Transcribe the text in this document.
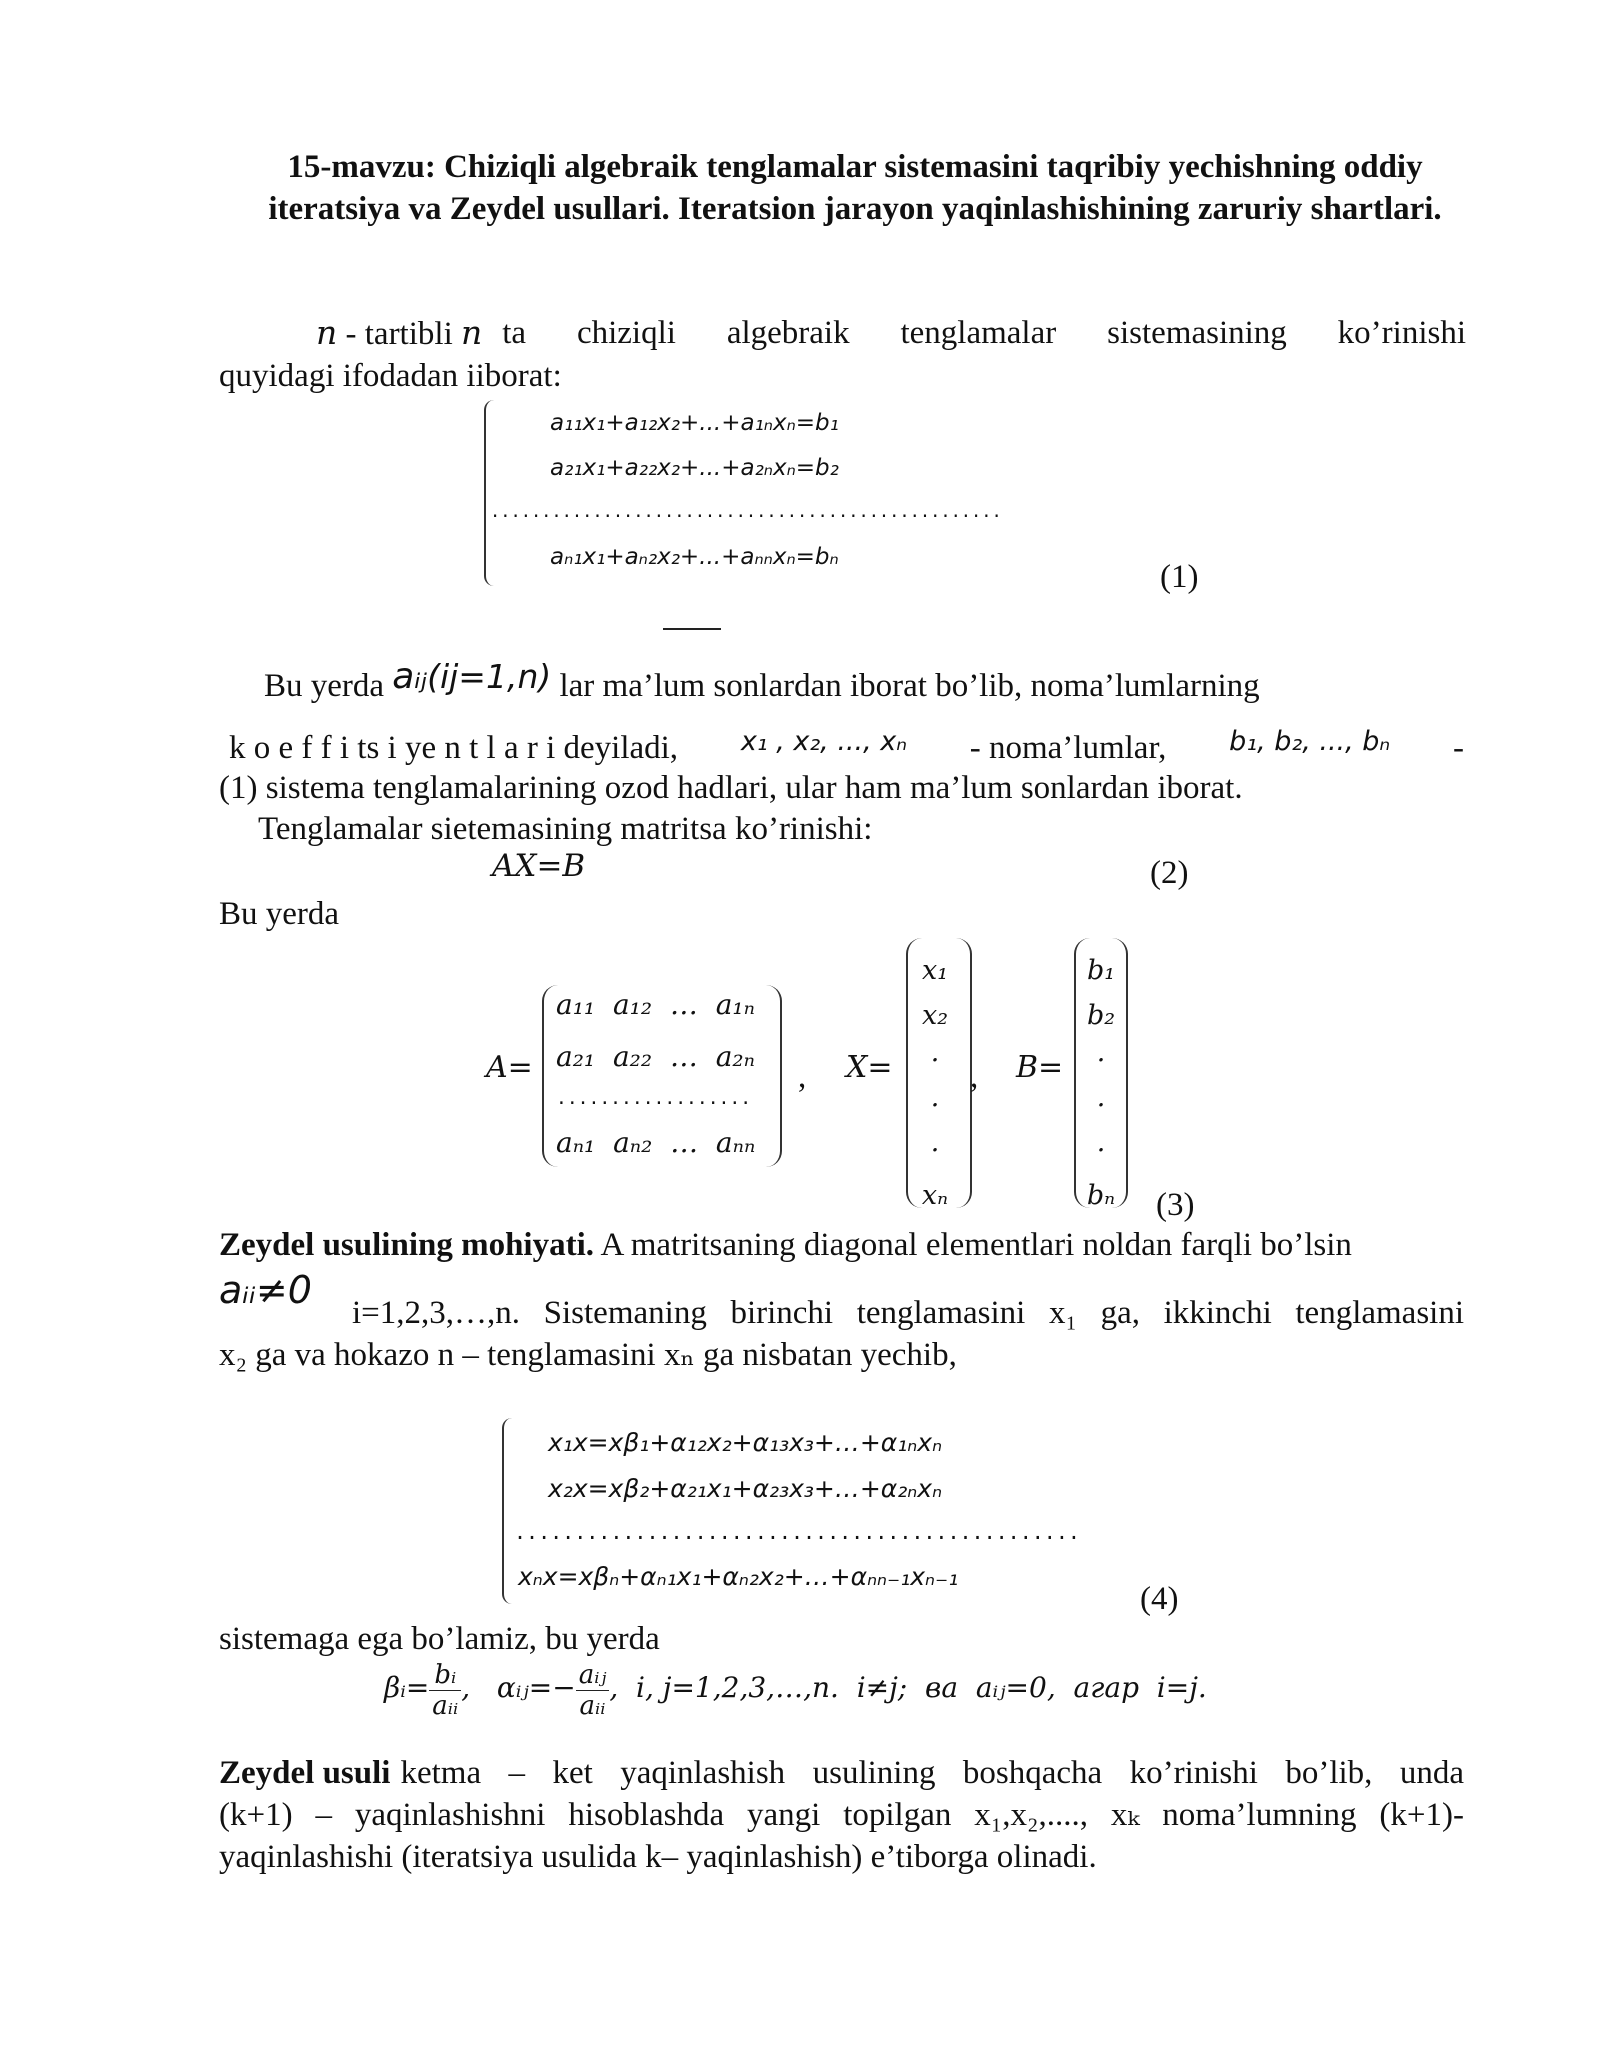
15-mavzu: Chiziqli algebraik tenglamalar sistemasini taqribiy yechishning oddiy iteratsiya va Zeydel usullari. Iteratsion jarayon yaqinlashishining zaruriy shartlari.
n - tartibli n ta chiziqli algebraik tenglamalar sistemasining ko’rinishi
quyidagi ifodadan iiborat:
a₁₁x₁+a₁₂x₂+...+a₁ₙxₙ=b₁
a₂₁x₁+a₂₂x₂+...+a₂ₙxₙ=b₂
..................................................
aₙ₁x₁+aₙ₂x₂+...+aₙₙxₙ=bₙ
(1)
Bu yerda aᵢⱼ(ij=1,n) lar ma’lum sonlardan iborat bo’lib, noma’lumlarning
k o e f f i ts i ye n t l a r i deyiladi, x₁ , x₂, ..., xₙ - noma’lumlar, b₁, b₂, ..., bₙ -
(1) sistema tenglamalarining ozod hadlari, ular ham ma’lum sonlardan iborat.
Tenglamalar sietemasining matritsa ko’rinishi:
AX=B	(2)
Bu yerda
A=
a₁₁  a₁₂  …  a₁ₙ
a₂₁  a₂₂  …  a₂ₙ
..................
aₙ₁  aₙ₂  …  aₙₙ
, X=
x₁
x₂
·
·
·
xₙ
, B=
b₁
b₂
·
·
·
bₙ (3)
Zeydel usulining mohiyati. A matritsaning diagonal elementlari noldan farqli bo’lsin
aᵢᵢ≠0
i=1,2,3,…,n. Sistemaning birinchi tenglamasini x₁ ga, ikkinchi tenglamasini
x₂ ga va hokazo n – tenglamasini xₙ ga nisbatan yechib,
x₁x=xβ₁+α₁₂x₂+α₁₃x₃+…+α₁ₙxₙ
x₂x=xβ₂+α₂₁x₁+α₂₃x₃+…+α₂ₙxₙ
...............................................
xₙx=xβₙ+αₙ₁x₁+αₙ₂x₂+…+αₙₙ₋₁xₙ₋₁
(4)
sistemaga ega bo’lamiz, bu yerda
βᵢ= $\frac{\text{bᵢ}}{\text{aᵢᵢ}}$ ,   αᵢⱼ=− $\frac{\text{aᵢⱼ}}{\text{aᵢᵢ}}$ ,  i, j=1,2,3,…,n.  i≠j;  ва  aᵢⱼ=0,  агар  i=j.
Zeydel usuli ketma – ket yaqinlashish usulining boshqacha ko’rinishi bo’lib, unda
(k+1) – yaqinlashishni hisoblashda yangi topilgan x₁,x₂,...., xₖ noma’lumning (k+1)-
yaqinlashishi (iteratsiya usulida k– yaqinlashish) e’tiborga olinadi.
